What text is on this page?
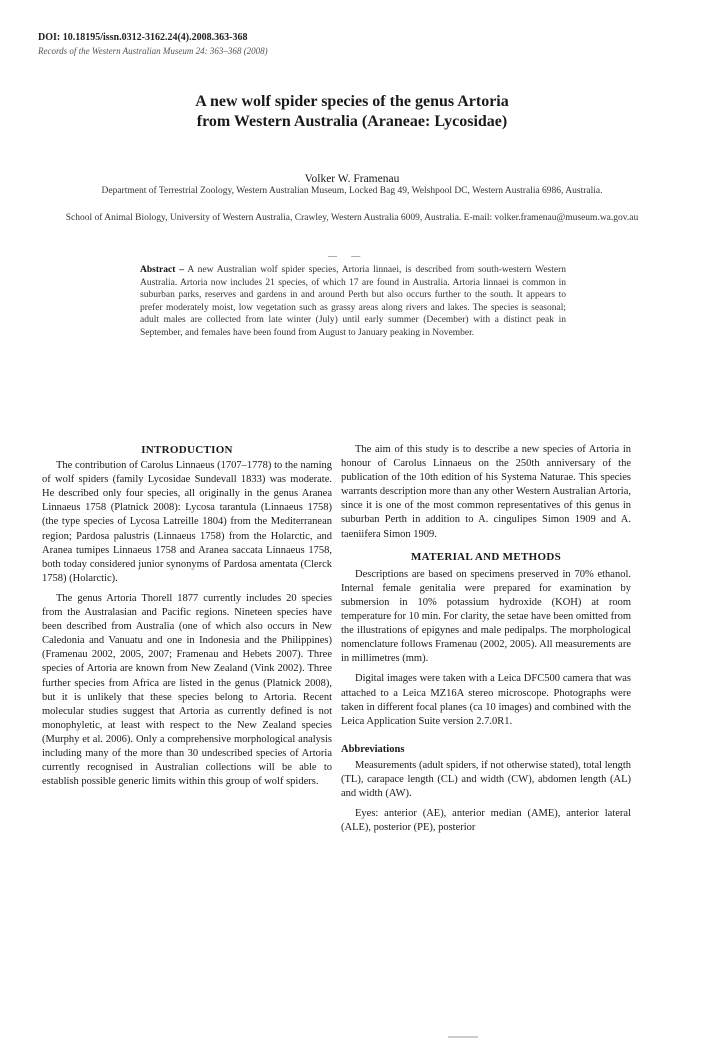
DOI: 10.18195/issn.0312-3162.24(4).2008.363-368
Records of the Western Australian Museum 24: 363–368 (2008)
A new wolf spider species of the genus Artoria
from Western Australia (Araneae: Lycosidae)
Volker W. Framenau
Department of Terrestrial Zoology, Western Australian Museum, Locked Bag 49, Welshpool DC, Western Australia 6986, Australia.
School of Animal Biology, University of Western Australia, Crawley, Western Australia 6009, Australia. E-mail: volker.framenau@museum.wa.gov.au
— —
Abstract – A new Australian wolf spider species, Artoria linnaei, is described from south-western Western Australia. Artoria now includes 21 species, of which 17 are found in Australia. Artoria linnaei is common in suburban parks, reserves and gardens in and around Perth but also occurs further to the south. It appears to prefer moderately moist, low vegetation such as grassy areas along rivers and lakes. The species is seasonal; adult males are collected from late winter (July) until early summer (December) with a distinct peak in September, and females have been found from August to January peaking in November.
INTRODUCTION

The contribution of Carolus Linnaeus (1707–1778) to the naming of wolf spiders (family Lycosidae Sundevall 1833) was moderate. He described only four species, all originally in the genus Aranea Linnaeus 1758 (Platnick 2008): Lycosa tarantula (Linnaeus 1758) (the type species of Lycosa Latreille 1804) from the Mediterranean region; Pardosa palustris (Linnaeus 1758) from the Holarctic, and Aranea tumipes Linnaeus 1758 and Aranea saccata Linnaeus 1758, both today considered junior synonyms of Pardosa amentata (Clerck 1758) (Holarctic).

The genus Artoria Thorell 1877 currently includes 20 species from the Australasian and Pacific regions. Nineteen species have been described from Australia (one of which also occurs in New Caledonia and Vanuatu and one in Indonesia and the Philippines) (Framenau 2002, 2005, 2007; Framenau and Hebets 2007). Three species of Artoria are known from New Zealand (Vink 2002). Three further species from Africa are listed in the genus (Platnick 2008), but it is unlikely that these species belong to Artoria. Recent molecular studies suggest that Artoria as currently defined is not monophyletic, at least with respect to the New Zealand species (Murphy et al. 2006). Only a comprehensive morphological analysis including many of the more than 30 undescribed species of Artoria currently recognised in Australian collections will be able to establish possible generic limits within this group of wolf spiders.

The aim of this study is to describe a new species of Artoria in honour of Carolus Linnaeus on the 250th anniversary of the publication of the 10th edition of his Systema Naturae. This species warrants description more than any other Western Australian Artoria, since it is one of the most common representatives of this genus in suburban Perth in addition to A. cingulipes Simon 1909 and A. taeniifera Simon 1909.

MATERIAL AND METHODS

Descriptions are based on specimens preserved in 70% ethanol. Internal female genitalia were prepared for examination by submersion in 10% potassium hydroxide (KOH) at room temperature for 10 min. For clarity, the setae have been omitted from the illustrations of epigynes and male pedipalps. The morphological nomenclature follows Framenau (2002, 2005). All measurements are in millimetres (mm).

Digital images were taken with a Leica DFC500 camera that was attached to a Leica MZ16A stereo microscope. Photographs were taken in different focal planes (ca 10 images) and combined with the Leica Application Suite version 2.7.0R1.

Abbreviations

Measurements (adult spiders, if not otherwise stated), total length (TL), carapace length (CL) and width (CW), abdomen length (AL) and width (AW).

Eyes: anterior (AE), anterior median (AME), anterior lateral (ALE), posterior (PE), posterior
